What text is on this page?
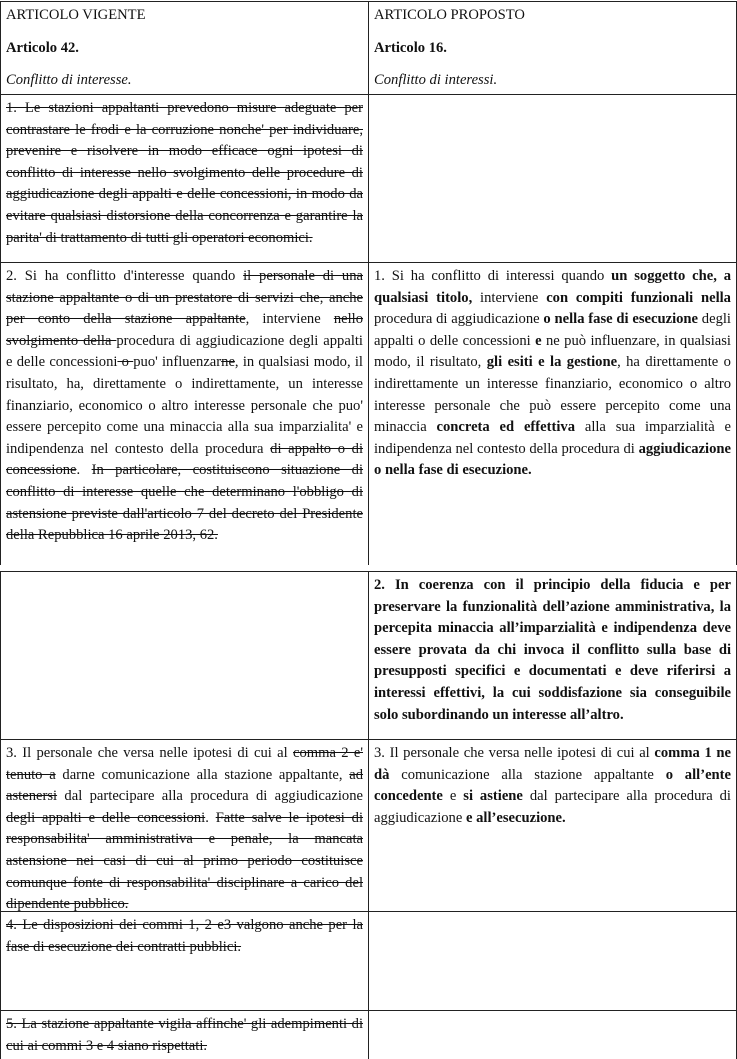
ARTICOLO VIGENTE

Articolo 42.

Conflitto di interesse.

ARTICOLO PROPOSTO

Articolo 16.

Conflitto di interessi.

1. Le stazioni appaltanti prevedono misure adeguate per contrastare le frodi e la corruzione nonche' per individuare, prevenire e risolvere in modo efficace ogni ipotesi di conflitto di interesse nello svolgimento delle procedure di aggiudicazione degli appalti e delle concessioni, in modo da evitare qualsiasi distorsione della concorrenza e garantire la parita' di trattamento di tutti gli operatori economici.

2. Si ha conflitto d'interesse quando il personale di una stazione appaltante o di un prestatore di servizi che, anche per conto della stazione appaltante, interviene nello svolgimento della procedura di aggiudicazione degli appalti e delle concessioni o puo' influenzarne, in qualsiasi modo, il risultato, ha, direttamente o indirettamente, un interesse finanziario, economico o altro interesse personale che puo' essere percepito come una minaccia alla sua imparzialita' e indipendenza nel contesto della procedura di appalto o di concessione. In particolare, costituiscono situazione di conflitto di interesse quelle che determinano l'obbligo di astensione previste dall'articolo 7 del decreto del Presidente della Repubblica 16 aprile 2013, 62.

1. Si ha conflitto di interessi quando un soggetto che, a qualsiasi titolo, interviene con compiti funzionali nella procedura di aggiudicazione o nella fase di esecuzione degli appalti o delle concessioni e ne può influenzare, in qualsiasi modo, il risultato, gli esiti e la gestione, ha direttamente o indirettamente un interesse finanziario, economico o altro interesse personale che può essere percepito come una minaccia concreta ed effettiva alla sua imparzialità e indipendenza nel contesto della procedura di aggiudicazione o nella fase di esecuzione.

2. In coerenza con il principio della fiducia e per preservare la funzionalità dell’azione amministrativa, la percepita minaccia all’imparzialità e indipendenza deve essere provata da chi invoca il conflitto sulla base di presupposti specifici e documentati e deve riferirsi a interessi effettivi, la cui soddisfazione sia conseguibile solo subordinando un interesse all’altro.

3. Il personale che versa nelle ipotesi di cui al comma 2 e' tenuto a darne comunicazione alla stazione appaltante, ad astenersi dal partecipare alla procedura di aggiudicazione degli appalti e delle concessioni. Fatte salve le ipotesi di responsabilita' amministrativa e penale, la mancata astensione nei casi di cui al primo periodo costituisce comunque fonte di responsabilita' disciplinare a carico del dipendente pubblico.

3. Il personale che versa nelle ipotesi di cui al comma 1 ne dà comunicazione alla stazione appaltante o all’ente concedente e si astiene dal partecipare alla procedura di aggiudicazione e all’esecuzione.

4. Le disposizioni dei commi 1, 2 e3 valgono anche per la fase di esecuzione dei contratti pubblici.

5. La stazione appaltante vigila affinche' gli adempimenti di cui ai commi 3 e 4 siano rispettati.
